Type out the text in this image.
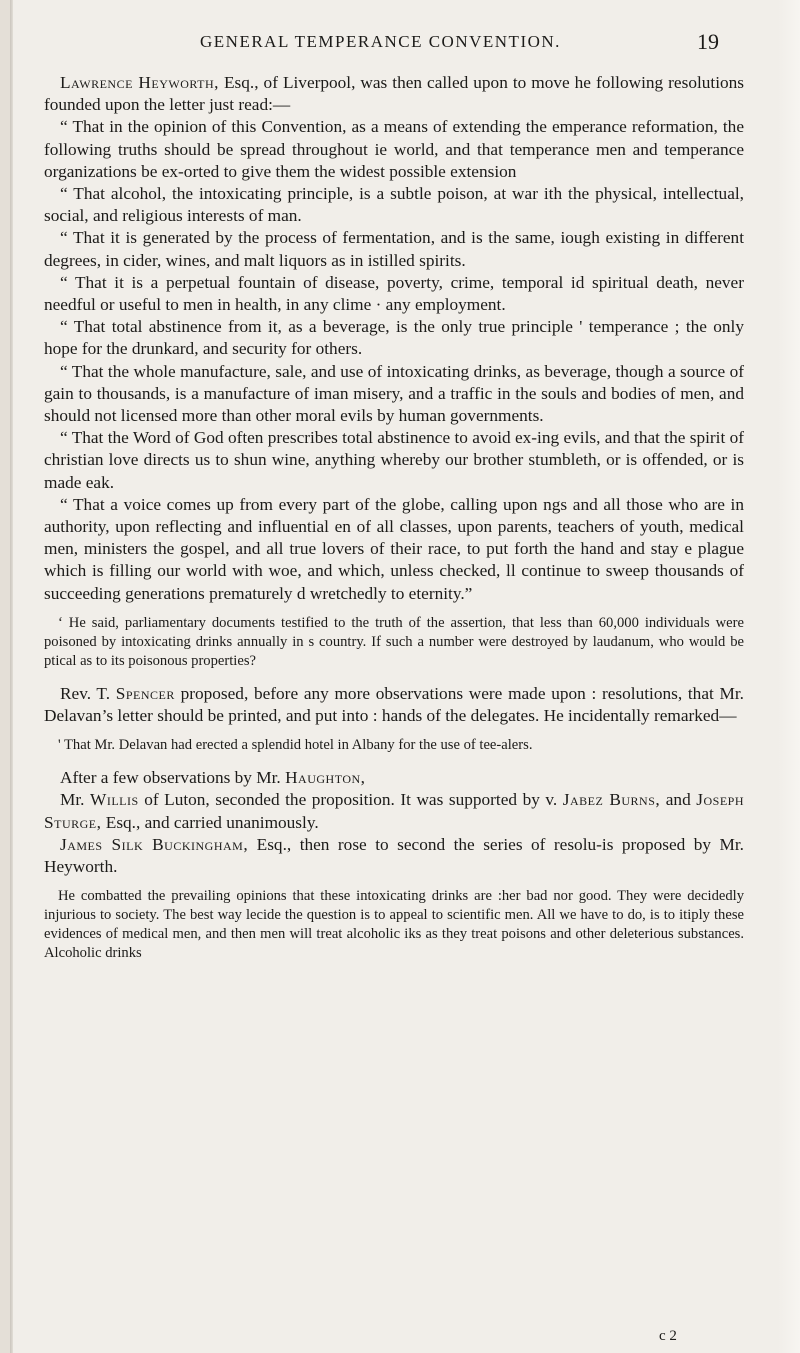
GENERAL TEMPERANCE CONVENTION.	19

Lawrence Heyworth, Esq., of Liverpool, was then called upon to move he following resolutions founded upon the letter just read:—

“ That in the opinion of this Convention, as a means of extending the emperance reformation, the following truths should be spread throughout ie world, and that temperance men and temperance organizations be ex-orted to give them the widest possible extension

“ That alcohol, the intoxicating principle, is a subtle poison, at war ith the physical, intellectual, social, and religious interests of man.

“ That it is generated by the process of fermentation, and is the same, iough existing in different degrees, in cider, wines, and malt liquors as in istilled spirits.

“ That it is a perpetual fountain of disease, poverty, crime, temporal id spiritual death, never needful or useful to men in health, in any clime · any employment.

“ That total abstinence from it, as a beverage, is the only true principle ' temperance ; the only hope for the drunkard, and security for others.

“ That the whole manufacture, sale, and use of intoxicating drinks, as beverage, though a source of gain to thousands, is a manufacture of iman misery, and a traffic in the souls and bodies of men, and should not licensed more than other moral evils by human governments.

“ That the Word of God often prescribes total abstinence to avoid ex-ing evils, and that the spirit of christian love directs us to shun wine, anything whereby our brother stumbleth, or is offended, or is made eak.

“ That a voice comes up from every part of the globe, calling upon ngs and all those who are in authority, upon reflecting and influential en of all classes, upon parents, teachers of youth, medical men, ministers the gospel, and all true lovers of their race, to put forth the hand and stay e plague which is filling our world with woe, and which, unless checked, ll continue to sweep thousands of succeeding generations prematurely d wretchedly to eternity.”

‘ He said, parliamentary documents testified to the truth of the assertion, that less than 60,000 individuals were poisoned by intoxicating drinks annually in s country. If such a number were destroyed by laudanum, who would be ptical as to its poisonous properties?

Rev. T. Spencer proposed, before any more observations were made upon : resolutions, that Mr. Delavan’s letter should be printed, and put into : hands of the delegates. He incidentally remarked—

' That Mr. Delavan had erected a splendid hotel in Albany for the use of tee-alers.

After a few observations by Mr. Haughton,

Mr. Willis of Luton, seconded the proposition. It was supported by v. Jabez Burns, and Joseph Sturge, Esq., and carried unanimously.

James Silk Buckingham, Esq., then rose to second the series of resolu-is proposed by Mr. Heyworth.

He combatted the prevailing opinions that these intoxicating drinks are :her bad nor good. They were decidedly injurious to society. The best way lecide the question is to appeal to scientific men. All we have to do, is to itiply these evidences of medical men, and then men will treat alcoholic iks as they treat poisons and other deleterious substances. Alcoholic drinks

c 2
